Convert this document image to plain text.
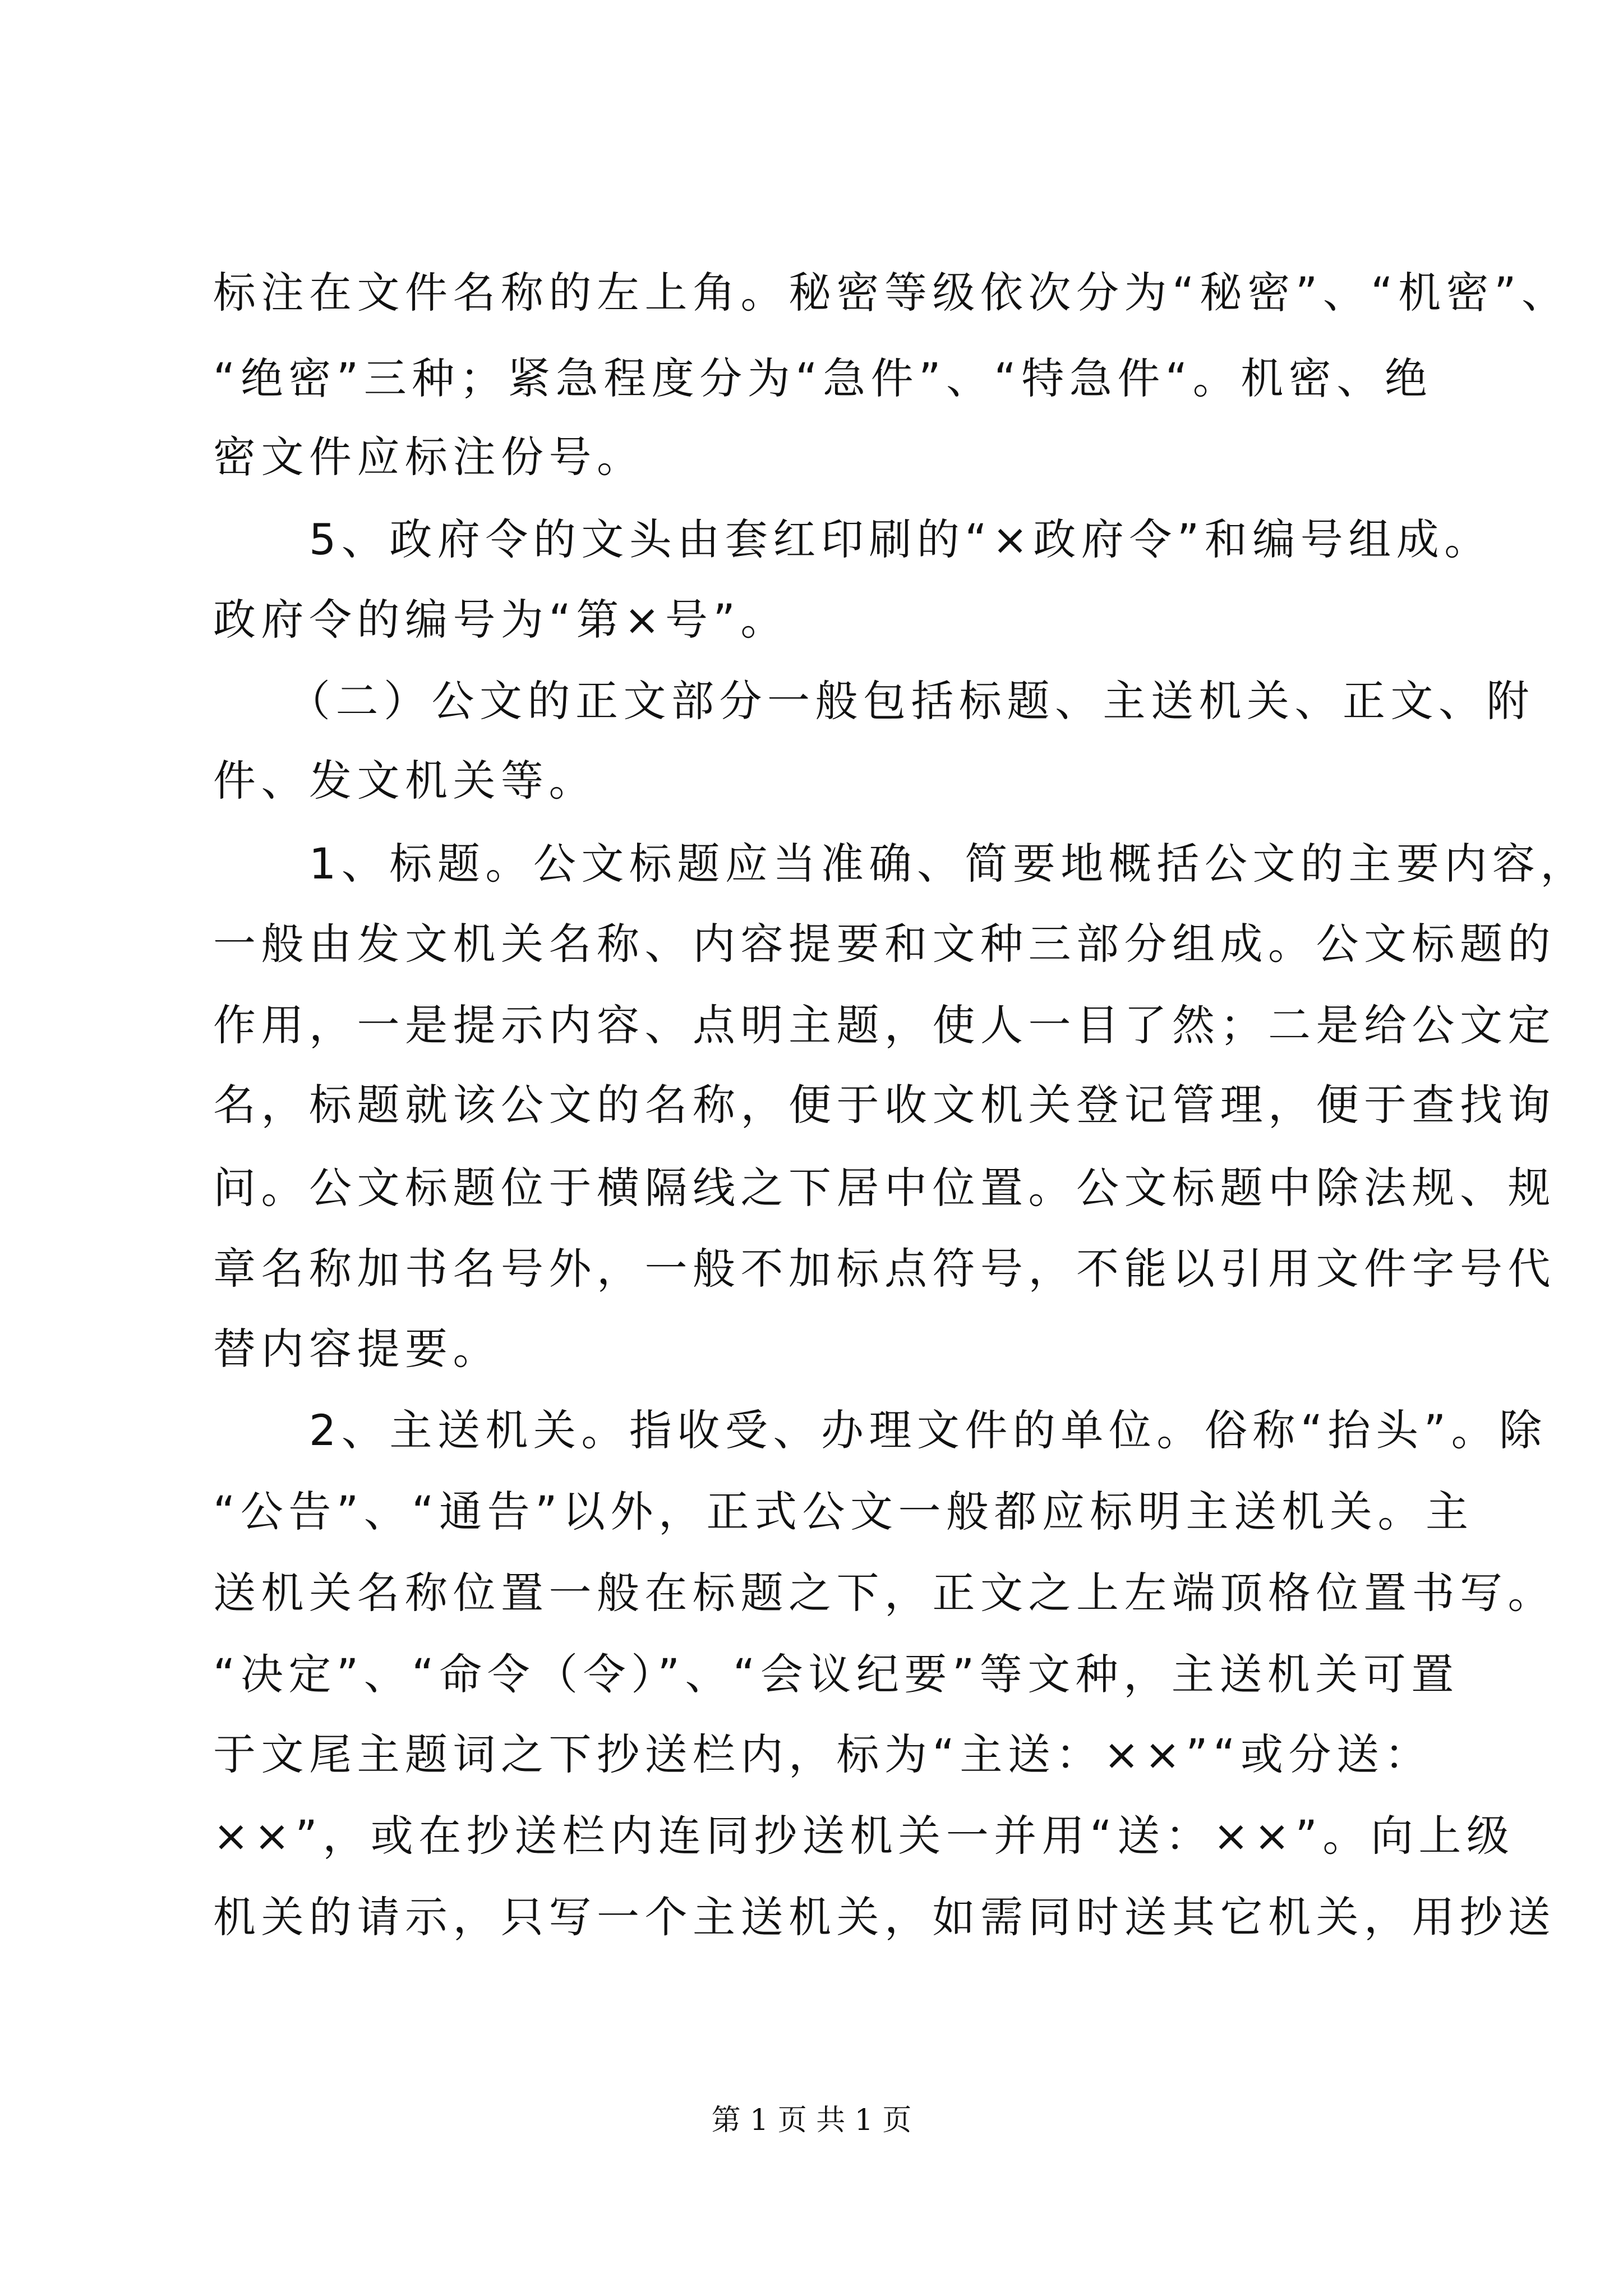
标注在文件名称的左上角。秘密等级依次分为“秘密”、“机密”、
“绝密”三种；紧急程度分为“急件”、“特急件“。机密、绝
密文件应标注份号。
　　5、政府令的文头由套红印刷的“×政府令”和编号组成。
政府令的编号为“第×号”。
　　（二）公文的正文部分一般包括标题、主送机关、正文、附
件、发文机关等。
　　1、标题。公文标题应当准确、简要地概括公文的主要内容，
一般由发文机关名称、内容提要和文种三部分组成。公文标题的
作用，一是提示内容、点明主题，使人一目了然；二是给公文定
名，标题就该公文的名称，便于收文机关登记管理，便于查找询
问。公文标题位于横隔线之下居中位置。公文标题中除法规、规
章名称加书名号外，一般不加标点符号，不能以引用文件字号代
替内容提要。
　　2、主送机关。指收受、办理文件的单位。俗称“抬头”。除
“公告”、“通告”以外，正式公文一般都应标明主送机关。主
送机关名称位置一般在标题之下，正文之上左端顶格位置书写。
“决定”、“命令（令）”、“会议纪要”等文种，主送机关可置
于文尾主题词之下抄送栏内，标为“主送：××”“或分送：
××”，或在抄送栏内连同抄送机关一并用“送：××”。向上级
机关的请示，只写一个主送机关，如需同时送其它机关，用抄送
第 1 页 共 1 页
